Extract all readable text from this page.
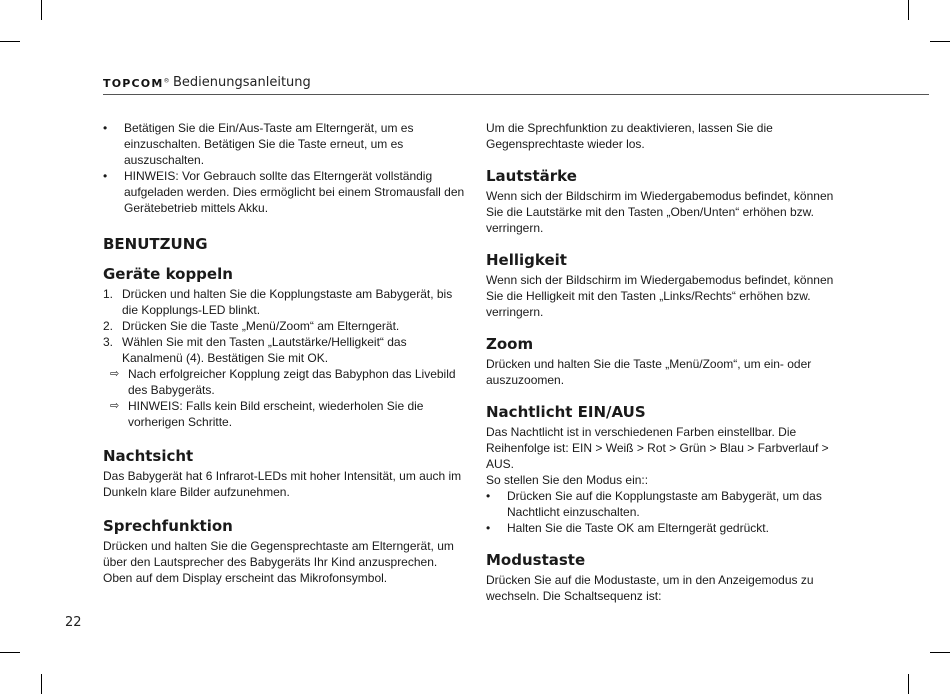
TOPCOM® Bedienungsanleitung
• Betätigen Sie die Ein/Aus-Taste am Elterngerät, um es einzuschalten. Betätigen Sie die Taste erneut, um es auszuschalten.
• HINWEIS: Vor Gebrauch sollte das Elterngerät vollständig aufgeladen werden. Dies ermöglicht bei einem Stromausfall den Gerätebetrieb mittels Akku.
BENUTZUNG
Geräte koppeln
1. Drücken und halten Sie die Kopplungstaste am Babygerät, bis die Kopplungs-LED blinkt.
2. Drücken Sie die Taste „Menü/Zoom“ am Elterngerät.
3. Wählen Sie mit den Tasten „Lautstärke/Helligkeit“ das Kanalmenü (4). Bestätigen Sie mit OK.
⇨ Nach erfolgreicher Kopplung zeigt das Babyphon das Livebild des Babygeräts.
⇨ HINWEIS: Falls kein Bild erscheint, wiederholen Sie die vorherigen Schritte.
Nachtsicht

Das Babygerät hat 6 Infrarot-LEDs mit hoher Intensität, um auch im Dunkeln klare Bilder aufzunehmen.

Sprechfunktion

Drücken und halten Sie die Gegensprechtaste am Elterngerät, um über den Lautsprecher des Babygeräts Ihr Kind anzusprechen. Oben auf dem Display erscheint das Mikrofonsymbol.

Um die Sprechfunktion zu deaktivieren, lassen Sie die Gegensprechtaste wieder los.

Lautstärke

Wenn sich der Bildschirm im Wiedergabemodus befindet, können Sie die Lautstärke mit den Tasten „Oben/Unten“ erhöhen bzw. verringern.

Helligkeit

Wenn sich der Bildschirm im Wiedergabemodus befindet, können Sie die Helligkeit mit den Tasten „Links/Rechts“ erhöhen bzw. verringern.

Zoom

Drücken und halten Sie die Taste „Menü/Zoom“, um ein- oder auszuzoomen.

Nachtlicht EIN/AUS

Das Nachtlicht ist in verschiedenen Farben einstellbar. Die Reihenfolge ist: EIN > Weiß > Rot > Grün > Blau > Farbverlauf > AUS.

So stellen Sie den Modus ein::

• Drücken Sie auf die Kopplungstaste am Babygerät, um das Nachtlicht einzuschalten.
• Halten Sie die Taste OK am Elterngerät gedrückt.
Modustaste

Drücken Sie auf die Modustaste, um in den Anzeigemodus zu wechseln. Die Schaltsequenz ist:

22
